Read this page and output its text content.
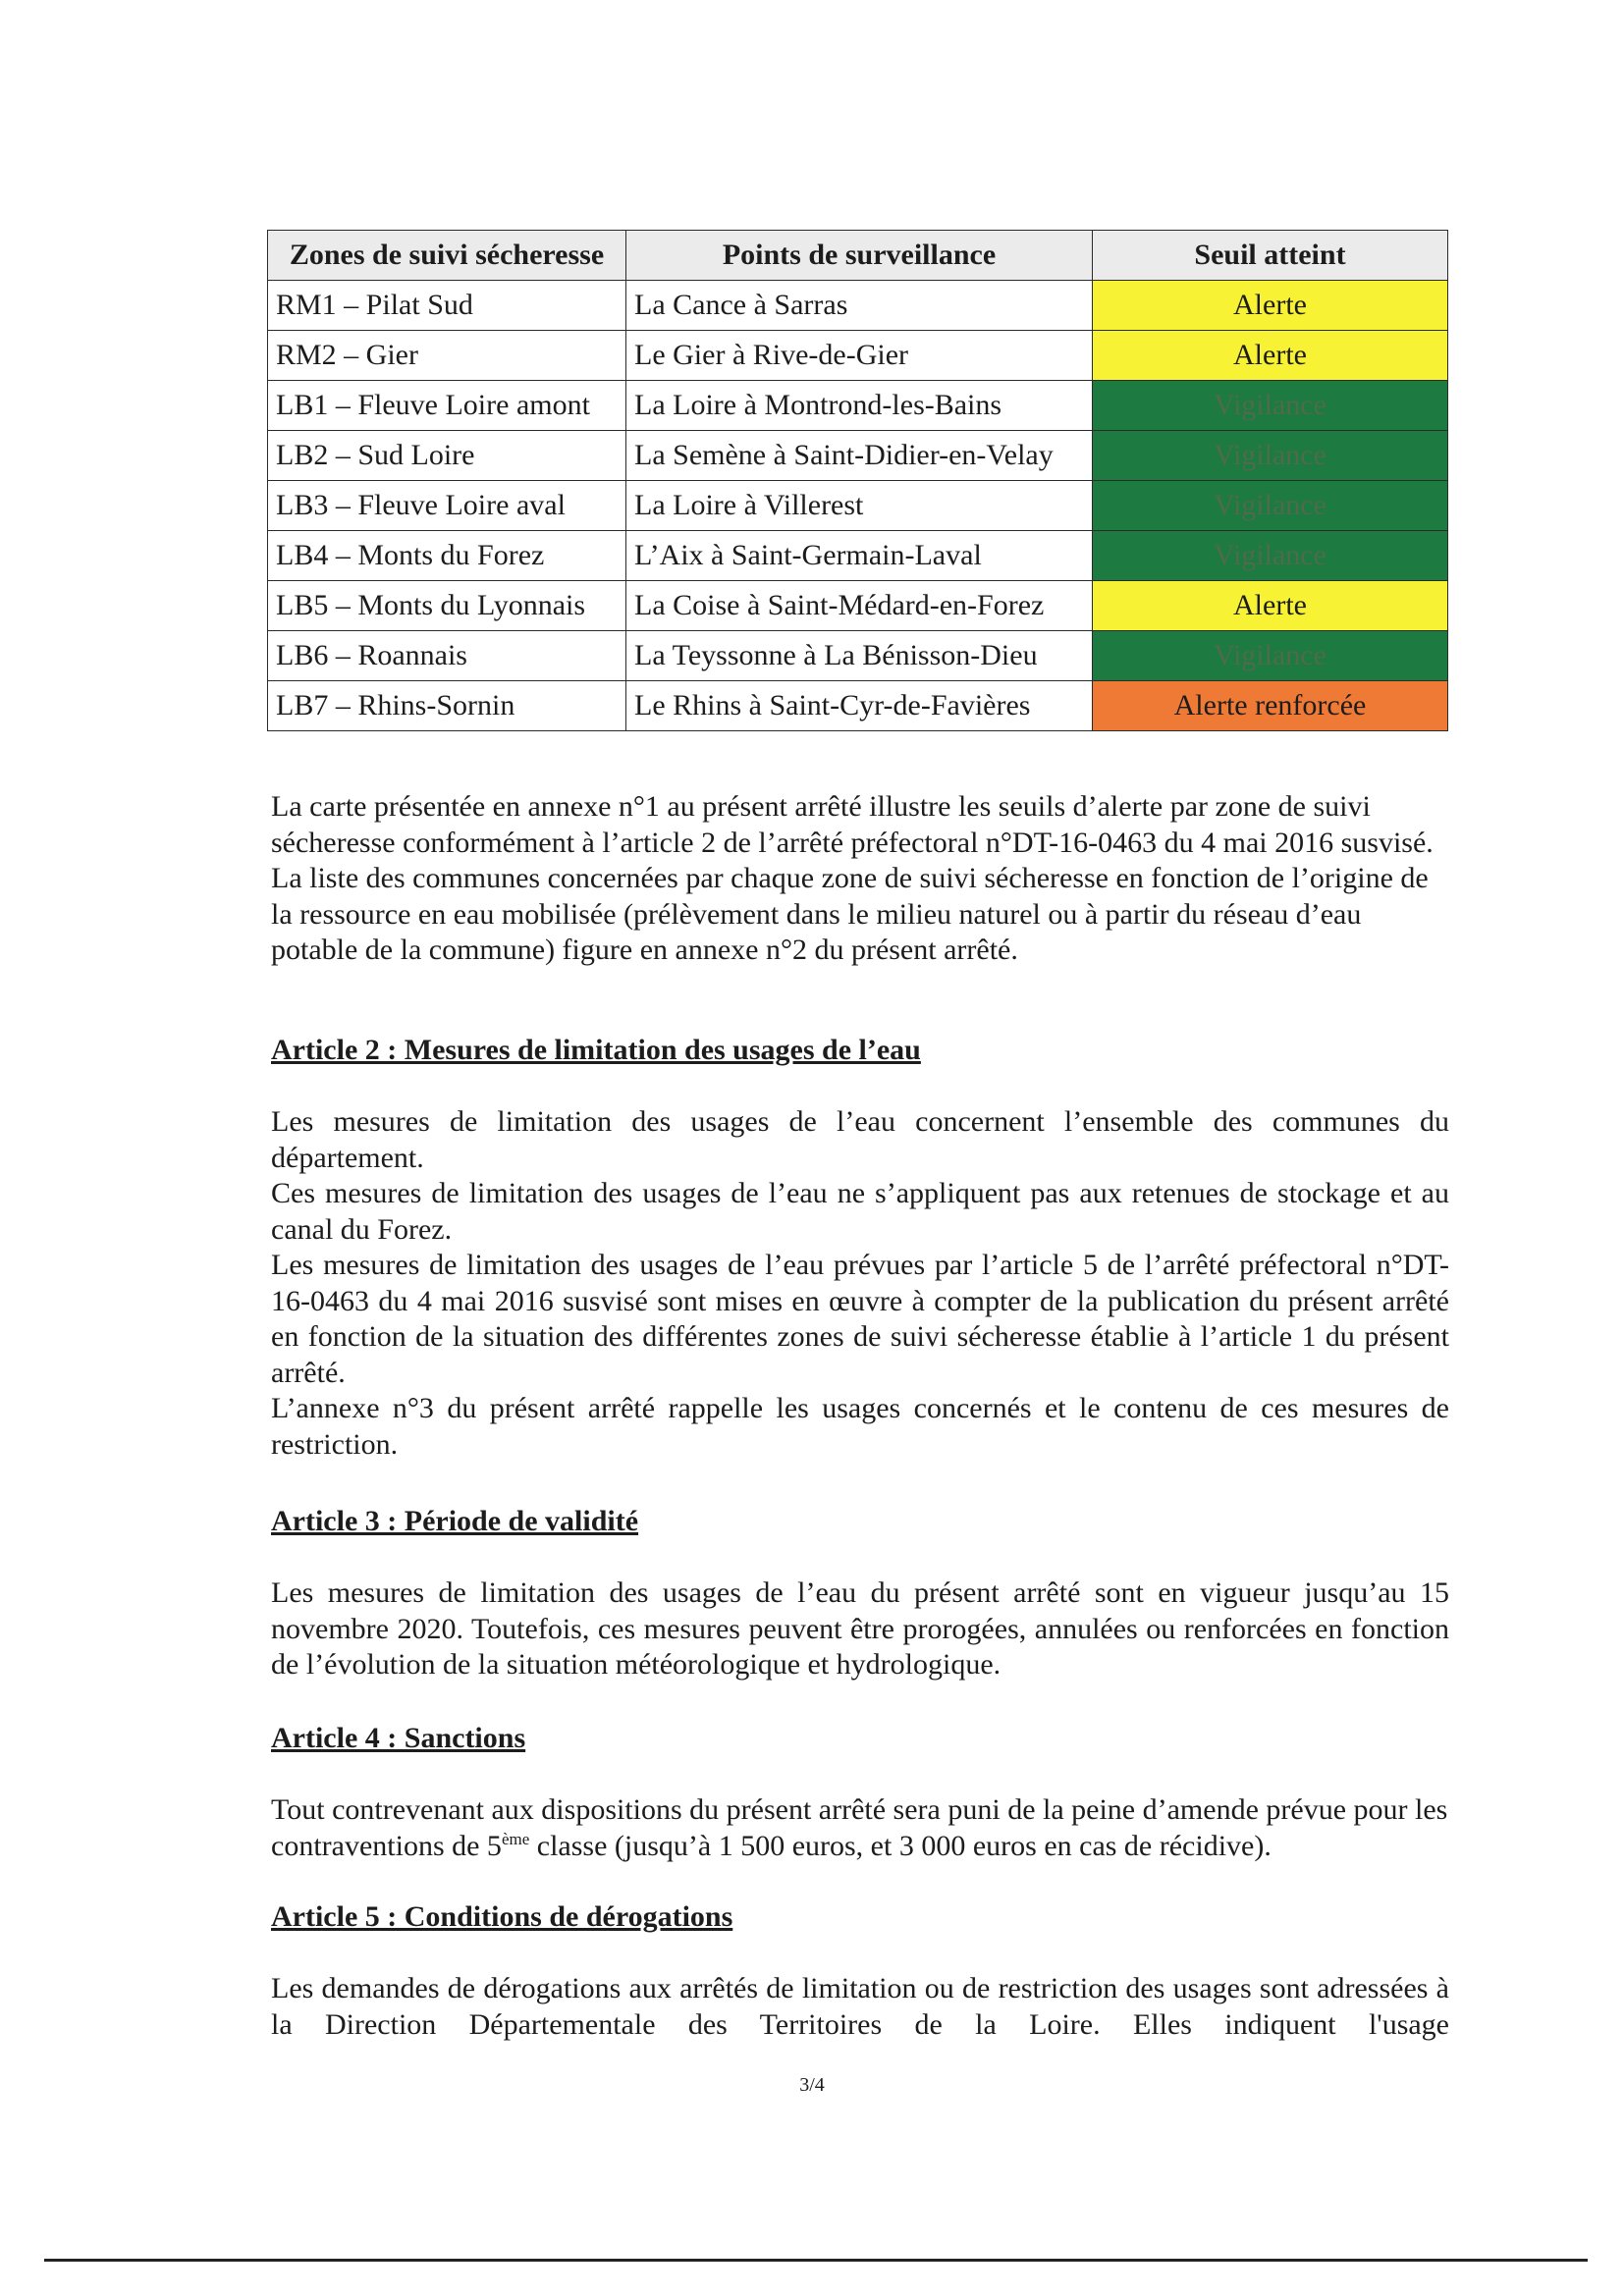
Zones de suivi sécheresse	Points de surveillance	Seuil atteint
RM1 – Pilat Sud	La Cance à Sarras	Alerte
RM2 – Gier	Le Gier à Rive-de-Gier	Alerte
LB1 – Fleuve Loire amont	La Loire à Montrond-les-Bains	Vigilance
LB2 – Sud Loire	La Semène à Saint-Didier-en-Velay	Vigilance
LB3 – Fleuve Loire aval	La Loire à Villerest	Vigilance
LB4 – Monts du Forez	L’Aix à Saint-Germain-Laval	Vigilance
LB5 – Monts du Lyonnais	La Coise à Saint-Médard-en-Forez	Alerte
LB6 – Roannais	La Teyssonne à La Bénisson-Dieu	Vigilance
LB7 – Rhins-Sornin	Le Rhins à Saint-Cyr-de-Favières	Alerte renforcée

La carte présentée en annexe n°1 au présent arrêté illustre les seuils d’alerte par zone de suivi sécheresse conformément à l’article 2 de l’arrêté préfectoral n°DT-16-0463 du 4 mai 2016 susvisé.

La liste des communes concernées par chaque zone de suivi sécheresse en fonction de l’origine de la ressource en eau mobilisée (prélèvement dans le milieu naturel ou à partir du réseau d’eau potable de la commune) figure en annexe n°2 du présent arrêté.

Article 2 : Mesures de limitation des usages de l’eau

Les mesures de limitation des usages de l’eau concernent l’ensemble des communes du département.

Ces mesures de limitation des usages de l’eau ne s’appliquent pas aux retenues de stockage et au canal du Forez.

Les mesures de limitation des usages de l’eau prévues par l’article 5 de l’arrêté préfectoral n°DT-16-0463 du 4 mai 2016 susvisé sont mises en œuvre à compter de la publication du présent arrêté en fonction de la situation des différentes zones de suivi sécheresse établie à l’article 1 du présent arrêté.

L’annexe n°3 du présent arrêté rappelle les usages concernés et le contenu de ces mesures de restriction.

Article 3 : Période de validité

Les mesures de limitation des usages de l’eau du présent arrêté sont en vigueur jusqu’au 15 novembre 2020. Toutefois, ces mesures peuvent être prorogées, annulées ou renforcées en fonction de l’évolution de la situation météorologique et hydrologique.

Article 4 : Sanctions

Tout contrevenant aux dispositions du présent arrêté sera puni de la peine d’amende prévue pour les contraventions de 5ème classe (jusqu’à 1 500 euros, et 3 000 euros en cas de récidive).

Article 5 : Conditions de dérogations

Les demandes de dérogations aux arrêtés de limitation ou de restriction des usages sont adressées à la Direction Départementale des Territoires de la Loire. Elles indiquent l'usage

3/4
